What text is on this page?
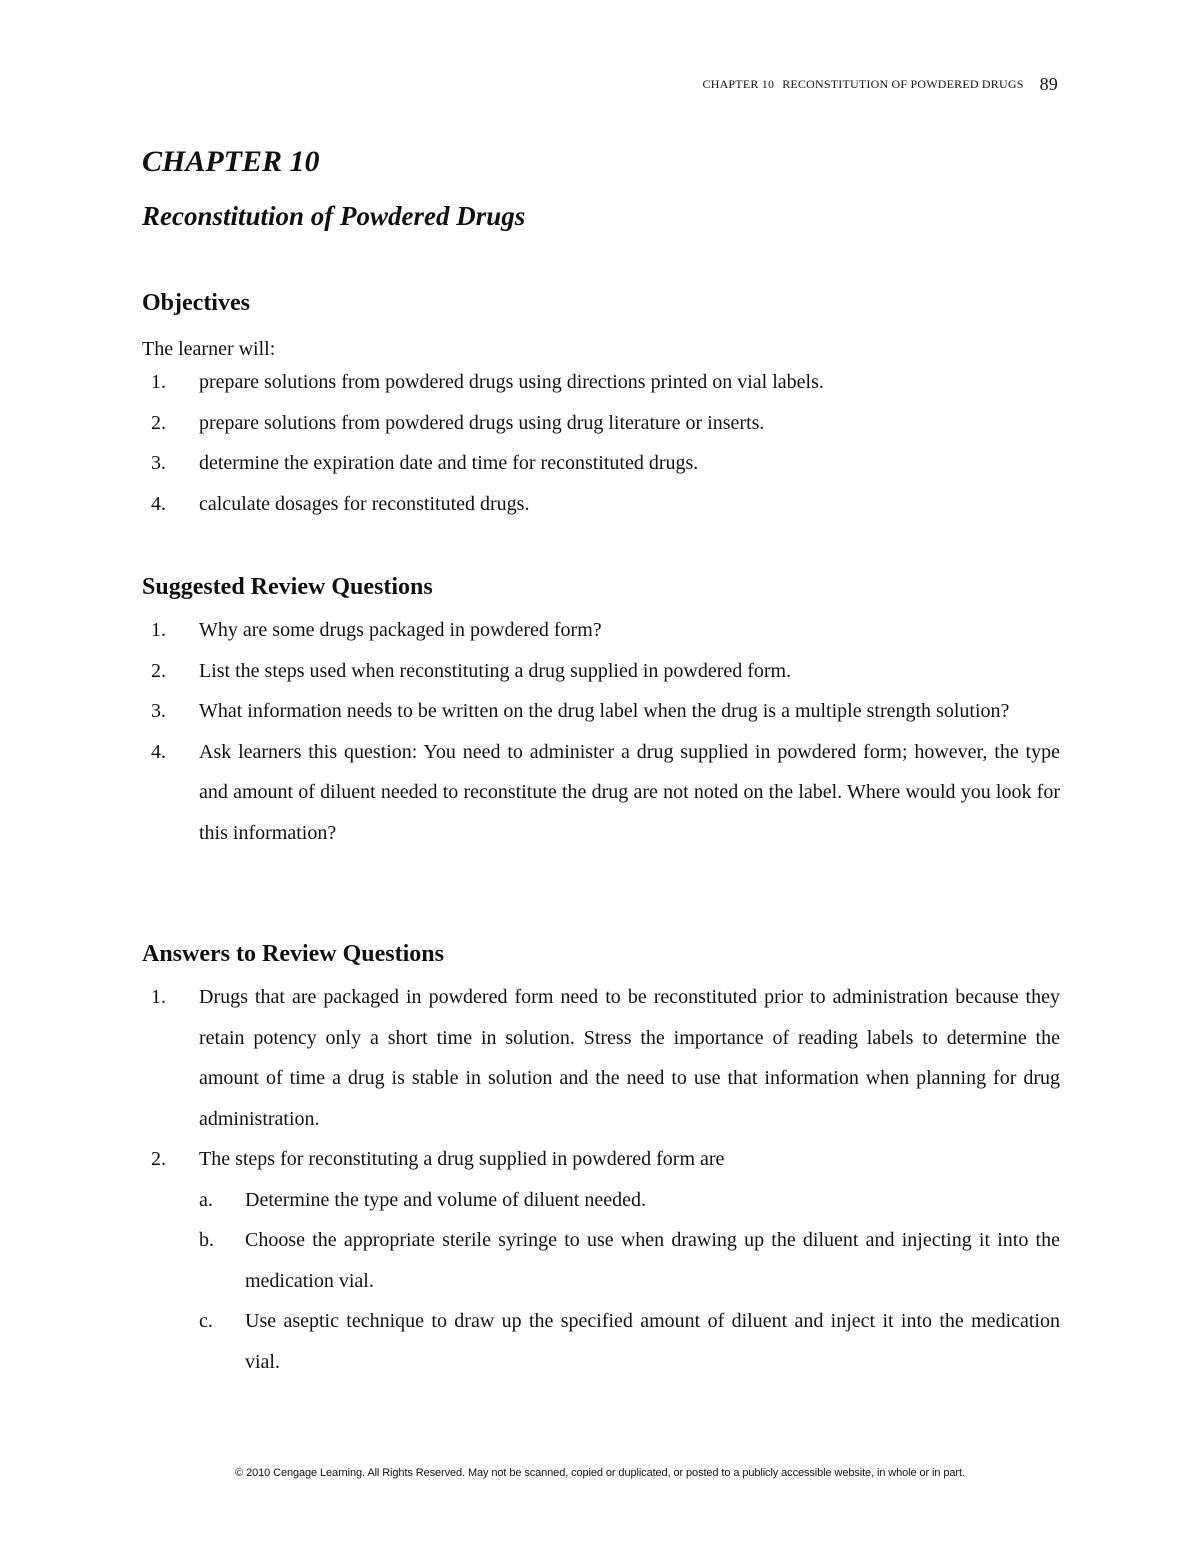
CHAPTER 10 RECONSTITUTION OF POWDERED DRUGS 89
CHAPTER 10
Reconstitution of Powdered Drugs
Objectives

The learner will:

1. prepare solutions from powdered drugs using directions printed on vial labels.
2. prepare solutions from powdered drugs using drug literature or inserts.
3. determine the expiration date and time for reconstituted drugs.
4. calculate dosages for reconstituted drugs.
Suggested Review Questions
1. Why are some drugs packaged in powdered form?
2. List the steps used when reconstituting a drug supplied in powdered form.
3. What information needs to be written on the drug label when the drug is a multiple strength solution?
4. Ask learners this question: You need to administer a drug supplied in powdered form; however, the type and amount of diluent needed to reconstitute the drug are not noted on the label. Where would you look for this information?
Answers to Review Questions
1. Drugs that are packaged in powdered form need to be reconstituted prior to administration because they retain potency only a short time in solution. Stress the importance of reading labels to determine the amount of time a drug is stable in solution and the need to use that information when planning for drug administration.
2. The steps for reconstituting a drug supplied in powdered form are
a. Determine the type and volume of diluent needed.
b. Choose the appropriate sterile syringe to use when drawing up the diluent and injecting it into the medication vial.
c. Use aseptic technique to draw up the specified amount of diluent and inject it into the medication vial.
© 2010 Cengage Learning. All Rights Reserved. May not be scanned, copied or duplicated, or posted to a publicly accessible website, in whole or in part.
